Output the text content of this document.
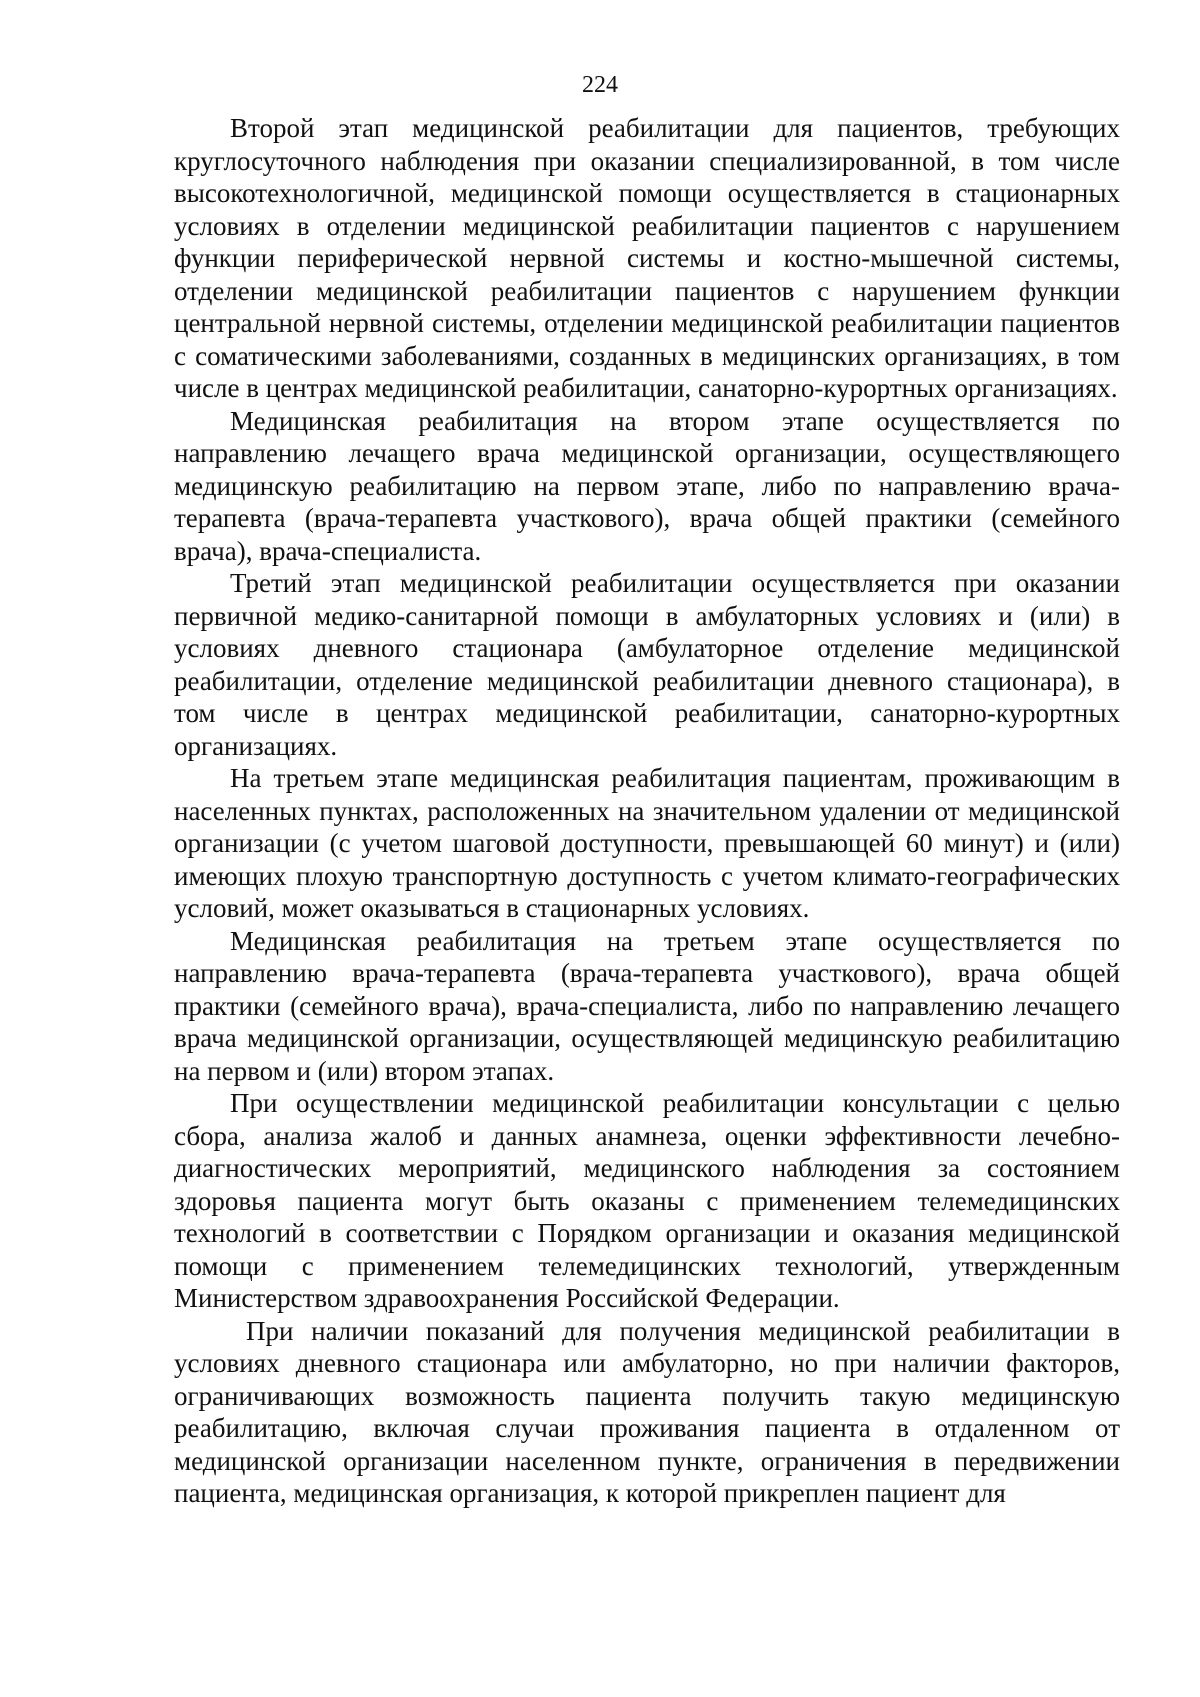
224

Второй этап медицинской реабилитации для пациентов, требующих круглосуточного наблюдения при оказании специализированной, в том числе высокотехнологичной, медицинской помощи осуществляется в стационарных условиях в отделении медицинской реабилитации пациентов с нарушением функции периферической нервной системы и костно-мышечной системы, отделении медицинской реабилитации пациентов с нарушением функции центральной нервной системы, отделении медицинской реабилитации пациентов с соматическими заболеваниями, созданных в медицинских организациях, в том числе в центрах медицинской реабилитации, санаторно-курортных организациях.

Медицинская реабилитация на втором этапе осуществляется по направлению лечащего врача медицинской организации, осуществляющего медицинскую реабилитацию на первом этапе, либо по направлению врача-терапевта (врача-терапевта участкового), врача общей практики (семейного врача), врача-специалиста.

Третий этап медицинской реабилитации осуществляется при оказании первичной медико-санитарной помощи в амбулаторных условиях и (или) в условиях дневного стационара (амбулаторное отделение медицинской реабилитации, отделение медицинской реабилитации дневного стационара), в том числе в центрах медицинской реабилитации, санаторно-курортных организациях.

На третьем этапе медицинская реабилитация пациентам, проживающим в населенных пунктах, расположенных на значительном удалении от медицинской организации (с учетом шаговой доступности, превышающей 60 минут) и (или) имеющих плохую транспортную доступность с учетом климато-географических условий, может оказываться в стационарных условиях.

Медицинская реабилитация на третьем этапе осуществляется по направлению врача-терапевта (врача-терапевта участкового), врача общей практики (семейного врача), врача-специалиста, либо по направлению лечащего врача медицинской организации, осуществляющей медицинскую реабилитацию на первом и (или) втором этапах.

При осуществлении медицинской реабилитации консультации с целью сбора, анализа жалоб и данных анамнеза, оценки эффективности лечебно-диагностических мероприятий, медицинского наблюдения за состоянием здоровья пациента могут быть оказаны с применением телемедицинских технологий в соответствии с Порядком организации и оказания медицинской помощи с применением телемедицинских технологий, утвержденным Министерством здравоохранения Российской Федерации.

При наличии показаний для получения медицинской реабилитации в условиях дневного стационара или амбулаторно, но при наличии факторов, ограничивающих возможность пациента получить такую медицинскую реабилитацию, включая случаи проживания пациента в отдаленном от медицинской организации населенном пункте, ограничения в передвижении пациента, медицинская организация, к которой прикреплен пациент для
